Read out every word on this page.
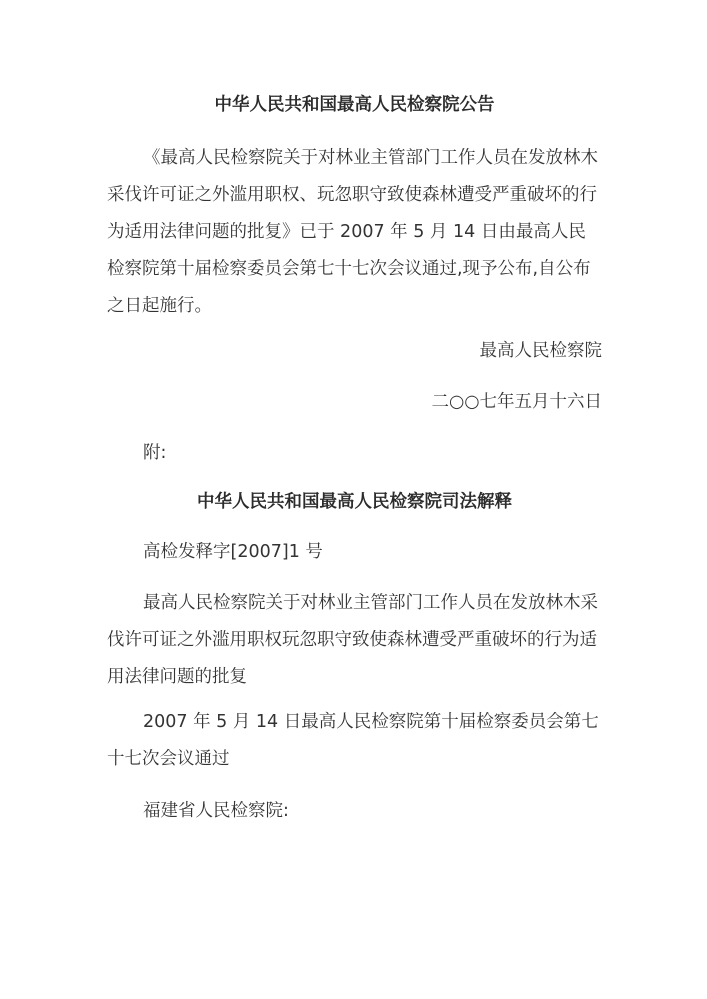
中华人民共和国最高人民检察院公告

《最高人民检察院关于对林业主管部门工作人员在发放林木采伐许可证之外滥用职权、玩忽职守致使森林遭受严重破坏的行为适用法律问题的批复》已于 2007 年 5 月 14 日由最高人民检察院第十届检察委员会第七十七次会议通过,现予公布,自公布之日起施行。

最高人民检察院

二○○七年五月十六日

附:

中华人民共和国最高人民检察院司法解释

高检发释字[2007]1 号

最高人民检察院关于对林业主管部门工作人员在发放林木采伐许可证之外滥用职权玩忽职守致使森林遭受严重破坏的行为适用法律问题的批复

2007 年 5 月 14 日最高人民检察院第十届检察委员会第七十七次会议通过

福建省人民检察院:
